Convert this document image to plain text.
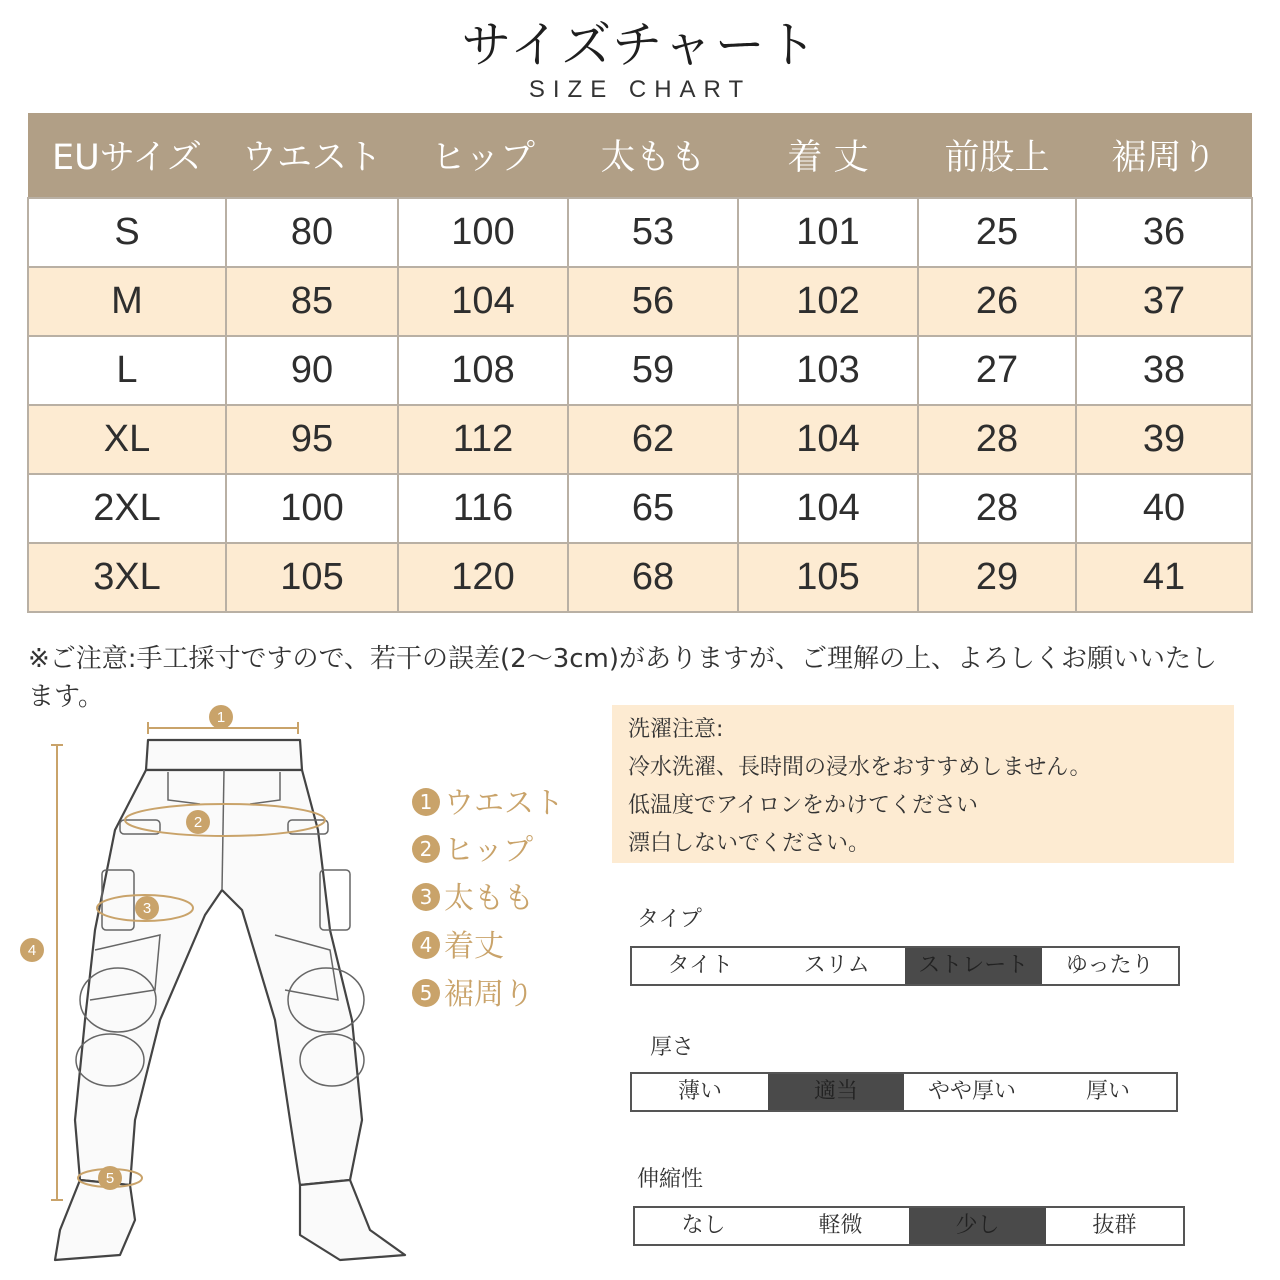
サイズチャート
SIZE CHART
EUサイズ	ウエスト	ヒップ	太もも	着 丈	前股上	裾周り
S	80	100	53	101	25	36
M	85	104	56	102	26	37
L	90	108	59	103	27	38
XL	95	112	62	104	28	39
2XL	100	116	65	104	28	40
3XL	105	120	68	105	29	41
※ご注意:手工採寸ですので、若干の誤差(2〜3cm)がありますが、ご理解の上、よろしくお願いいたします。
1
2
3
4
5
1 ウエスト
2 ヒップ
3 太もも
4 着丈
5 裾周り
洗濯注意:
冷水洗濯、長時間の浸水をおすすめしません。
低温度でアイロンをかけてください
漂白しないでください。
タイプ
タイト	スリム	ストレート	ゆったり
厚さ
薄い	適当	やや厚い	厚い
伸縮性
なし	軽微	少し	抜群
